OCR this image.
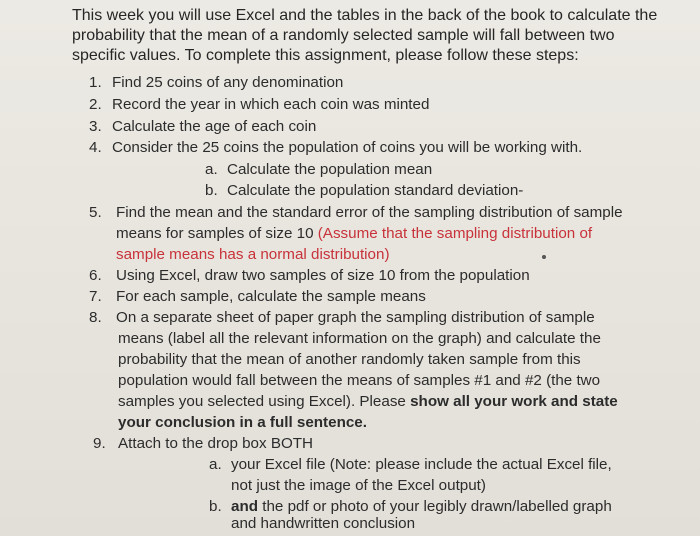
This week you will use Excel and the tables in the back of the book to calculate the probability that the mean of a randomly selected sample will fall between two specific values. To complete this assignment, please follow these steps:
1. Find 25 coins of any denomination
2. Record the year in which each coin was minted
3. Calculate the age of each coin
4. Consider the 25 coins the population of coins you will be working with.
a. Calculate the population mean
b. Calculate the population standard deviation-
5. Find the mean and the standard error of the sampling distribution of sample
means for samples of size 10 (Assume that the sampling distribution of
sample means has a normal distribution)
6. Using Excel, draw two samples of size 10 from the population
7. For each sample, calculate the sample means
8. On a separate sheet of paper graph the sampling distribution of sample
means (label all the relevant information on the graph) and calculate the
probability that the mean of another randomly taken sample from this
population would fall between the means of samples #1 and #2 (the two
samples you selected using Excel). Please show all your work and state
your conclusion in a full sentence.
9. Attach to the drop box BOTH
a. your Excel file (Note: please include the actual Excel file,
not just the image of the Excel output)
b. and the pdf or photo of your legibly drawn/labelled graph
and handwritten conclusion
